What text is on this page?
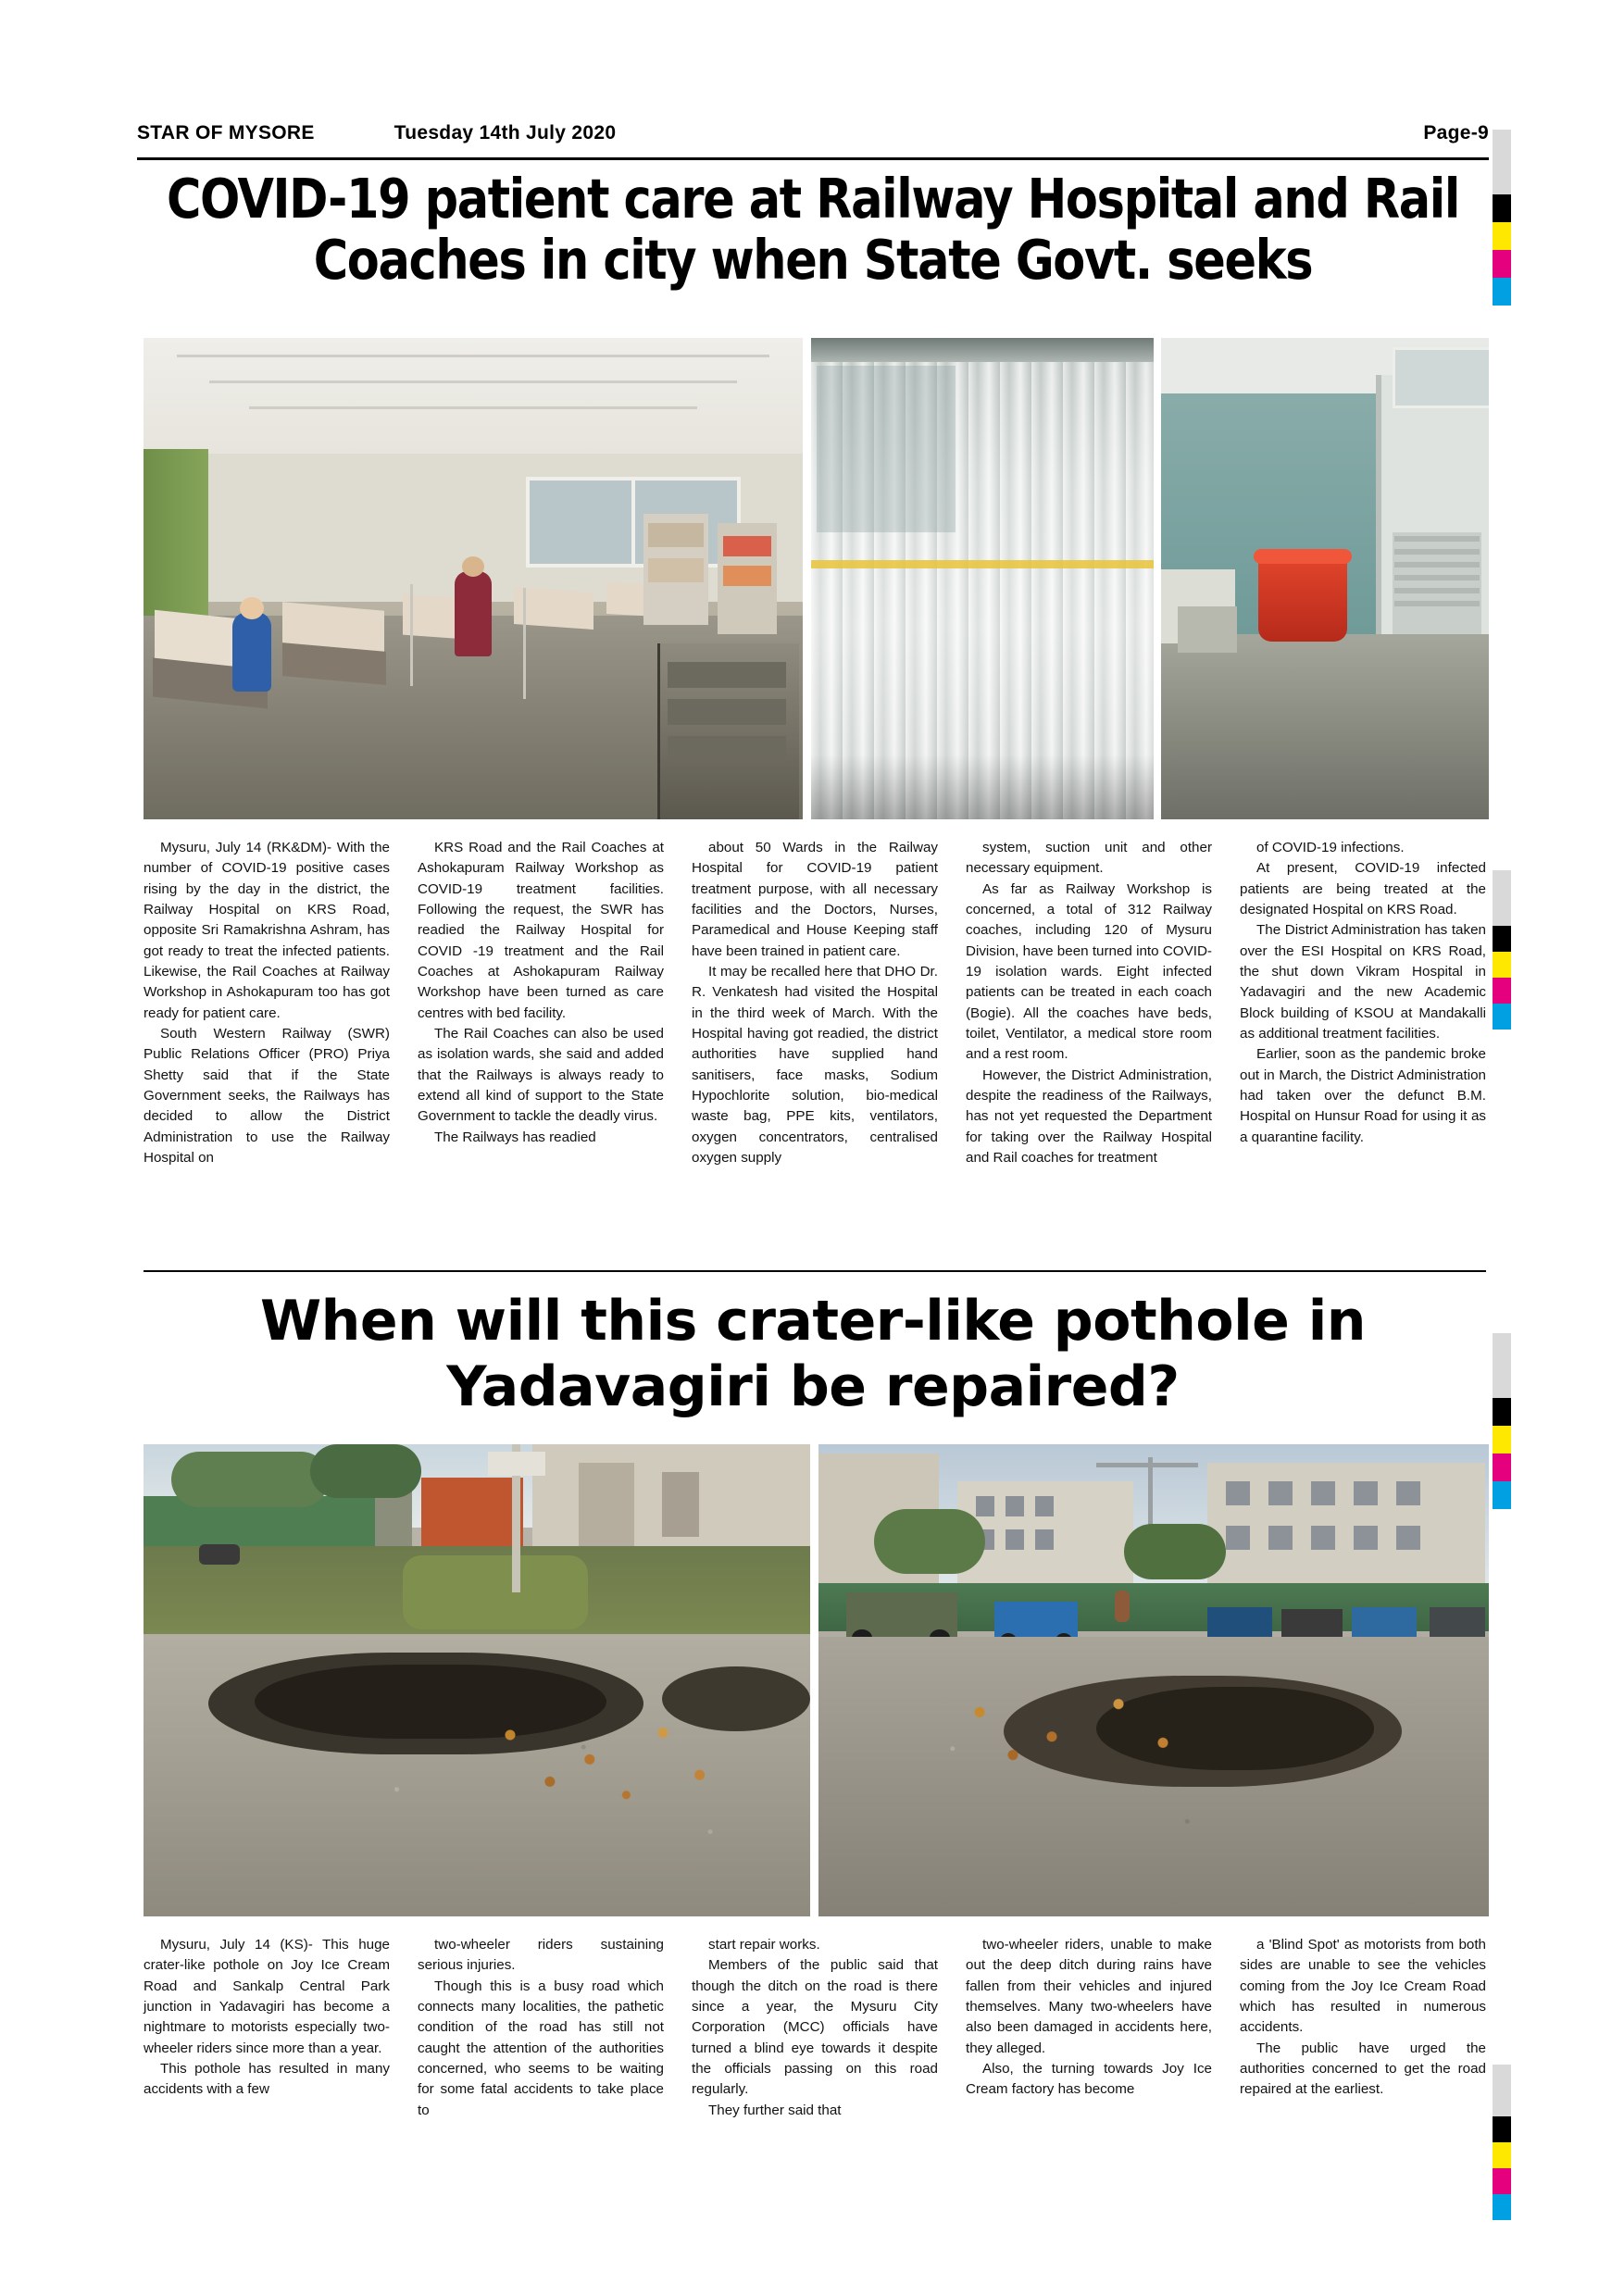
STAR OF MYSORE	Tuesday 14th July 2020	Page-9
COVID-19 patient care at Railway Hospital and Rail Coaches in city when State Govt. seeks

Mysuru, July 14 (RK&DM)- With the number of COVID-19 positive cases rising by the day in the district, the Railway Hospital on KRS Road, opposite Sri Ramakrishna Ashram, has got ready to treat the infected patients. Likewise, the Rail Coaches at Railway Workshop in Ashokapuram too has got ready for patient care.

South Western Railway (SWR) Public Relations Officer (PRO) Priya Shetty said that if the State Government seeks, the Railways has decided to allow the District Administration to use the Railway Hospital on

KRS Road and the Rail Coaches at Ashokapuram Railway Workshop as COVID-19 treatment facilities. Following the request, the SWR has readied the Railway Hospital for COVID -19 treatment and the Rail Coaches at Ashokapuram Railway Workshop have been turned as care centres with bed facility.

The Rail Coaches can also be used as isolation wards, she said and added that the Railways is always ready to extend all kind of support to the State Government to tackle the deadly virus.

The Railways has readied

about 50 Wards in the Railway Hospital for COVID-19 patient treatment purpose, with all necessary facilities and the Doctors, Nurses, Paramedical and House Keeping staff have been trained in patient care.

It may be recalled here that DHO Dr. R. Venkatesh had visited the Hospital in the third week of March. With the Hospital having got readied, the district authorities have supplied hand sanitisers, face masks, Sodium Hypochlorite solution, bio-medical waste bag, PPE kits, ventilators, oxygen concentrators, centralised oxygen supply

system, suction unit and other necessary equipment.

As far as Railway Workshop is concerned, a total of 312 Railway coaches, including 120 of Mysuru Division, have been turned into COVID-19 isolation wards. Eight infected patients can be treated in each coach (Bogie). All the coaches have beds, toilet, Ventilator, a medical store room and a rest room.

However, the District Administration, despite the readiness of the Railways, has not yet requested the Department for taking over the Railway Hospital and Rail coaches for treatment

of COVID-19 infections.

At present, COVID-19 infected patients are being treated at the designated Hospital on KRS Road.

The District Administration has taken over the ESI Hospital on KRS Road, the shut down Vikram Hospital in Yadavagiri and the new Academic Block building of KSOU at Mandakalli as additional treatment facilities.

Earlier, soon as the pandemic broke out in March, the District Administration had taken over the defunct B.M. Hospital on Hunsur Road for using it as a quarantine facility.

When will this crater-like pothole in Yadavagiri be repaired?

Mysuru, July 14 (KS)- This huge crater-like pothole on Joy Ice Cream Road and Sankalp Central Park junction in Yadavagiri has become a nightmare to motorists especially two-wheeler riders since more than a year.

This pothole has resulted in many accidents with a few

two-wheeler riders sustaining serious injuries.

Though this is a busy road which connects many localities, the pathetic condition of the road has still not caught the attention of the authorities concerned, who seems to be waiting for some fatal accidents to take place to

start repair works.

Members of the public said that though the ditch on the road is there since a year, the Mysuru City Corporation (MCC) officials have turned a blind eye towards it despite the officials passing on this road regularly.

They further said that

two-wheeler riders, unable to make out the deep ditch during rains have fallen from their vehicles and injured themselves. Many two-wheelers have also been damaged in accidents here, they alleged.

Also, the turning towards Joy Ice Cream factory has become

a 'Blind Spot' as motorists from both sides are unable to see the vehicles coming from the Joy Ice Cream Road which has resulted in numerous accidents.

The public have urged the authorities concerned to get the road repaired at the earliest.
